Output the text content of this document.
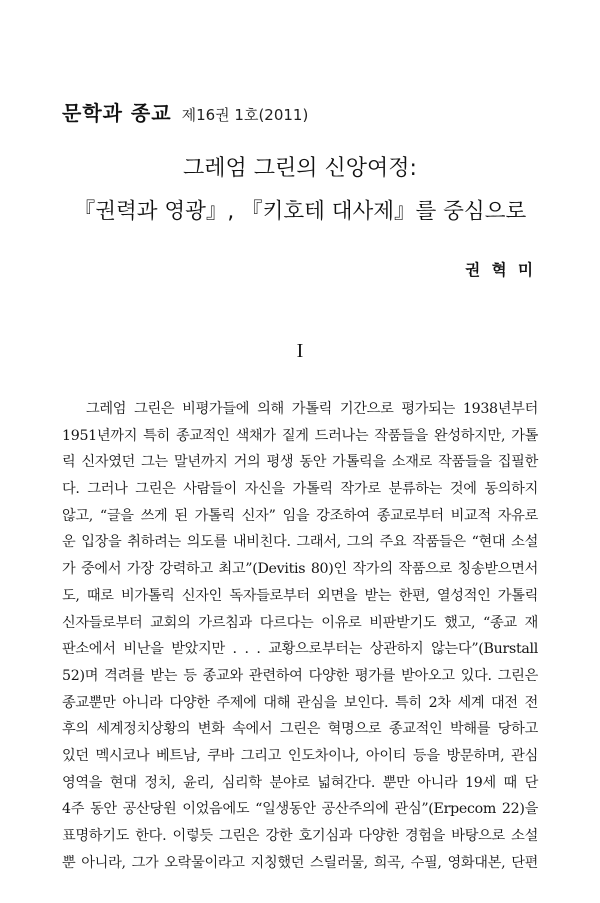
문학과 종교 제16권 1호(2011)
그레엄 그린의 신앙여정:
『권력과 영광』, 『키호테 대사제』를 중심으로
권 혁 미
I
그레엄 그린은 비평가들에 의해 가톨릭 기간으로 평가되는 1938년부터
1951년까지 특히 종교적인 색채가 짙게 드러나는 작품들을 완성하지만, 가톨
릭 신자였던 그는 말년까지 거의 평생 동안 가톨릭을 소재로 작품들을 집필한
다. 그러나 그린은 사람들이 자신을 가톨릭 작가로 분류하는 것에 동의하지
않고, “글을 쓰게 된 가톨릭 신자” 임을 강조하여 종교로부터 비교적 자유로
운 입장을 취하려는 의도를 내비친다. 그래서, 그의 주요 작품들은 “현대 소설
가 중에서 가장 강력하고 최고”(Devitis 80)인 작가의 작품으로 칭송받으면서
도, 때로 비가톨릭 신자인 독자들로부터 외면을 받는 한편, 열성적인 가톨릭
신자들로부터 교회의 가르침과 다르다는 이유로 비판받기도 했고, “종교 재
판소에서 비난을 받았지만 . . . 교황으로부터는 상관하지 않는다”(Burstall
52)며 격려를 받는 등 종교와 관련하여 다양한 평가를 받아오고 있다. 그린은
종교뿐만 아니라 다양한 주제에 대해 관심을 보인다. 특히 2차 세계 대전 전
후의 세계정치상황의 변화 속에서 그린은 혁명으로 종교적인 박해를 당하고
있던 멕시코나 베트남, 쿠바 그리고 인도차이나, 아이티 등을 방문하며, 관심
영역을 현대 정치, 윤리, 심리학 분야로 넓혀간다. 뿐만 아니라 19세 때 단
4주 동안 공산당원 이었음에도 “일생동안 공산주의에 관심”(Erpecom 22)을
표명하기도 한다. 이렇듯 그린은 강한 호기심과 다양한 경험을 바탕으로 소설
뿐 아니라, 그가 오락물이라고 지칭했던 스릴러물, 희곡, 수필, 영화대본, 단편
